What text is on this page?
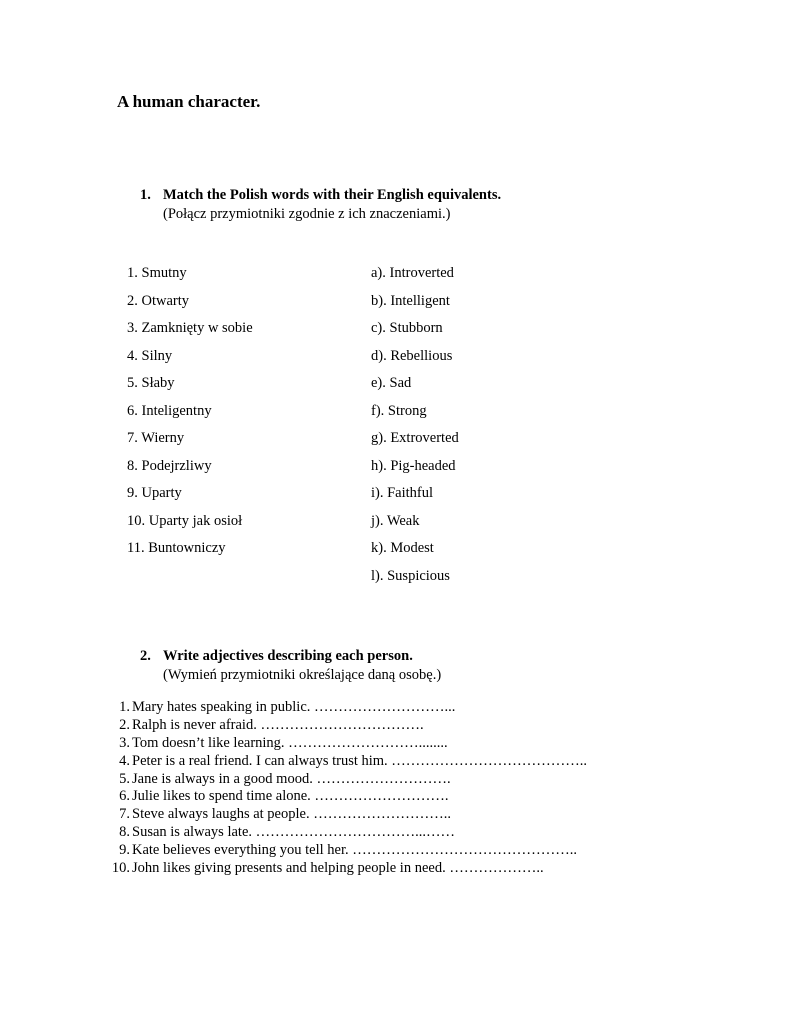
A human character.
1. Match the Polish words with their English equivalents.
(Połącz przymiotniki zgodnie z ich znaczeniami.)
1. Smutny
2. Otwarty
3. Zamknięty w sobie
4. Silny
5. Słaby
6. Inteligentny
7. Wierny
8. Podejrzliwy
9. Uparty
10. Uparty jak osioł
11. Buntowniczy
a). Introverted
b). Intelligent
c). Stubborn
d). Rebellious
e). Sad
f). Strong
g). Extroverted
h). Pig-headed
i). Faithful
j). Weak
k). Modest
l). Suspicious
2. Write adjectives describing each person.
(Wymień przymiotniki określające daną osobę.)
1. Mary hates speaking in public. ………………………...
2. Ralph is never afraid. …………………………….
3. Tom doesn’t like learning. ………………………........
4. Peter is a real friend. I can always trust him. …………………………………..
5. Jane is always in a good mood. ……………………….
6. Julie likes to spend time alone. ……………………….
7. Steve always laughs at people. ………………………..
8. Susan is always late. ……………………………...……
9. Kate believes everything you tell her. ………………………………………..
10. John likes giving presents and helping people in need. ………………..
